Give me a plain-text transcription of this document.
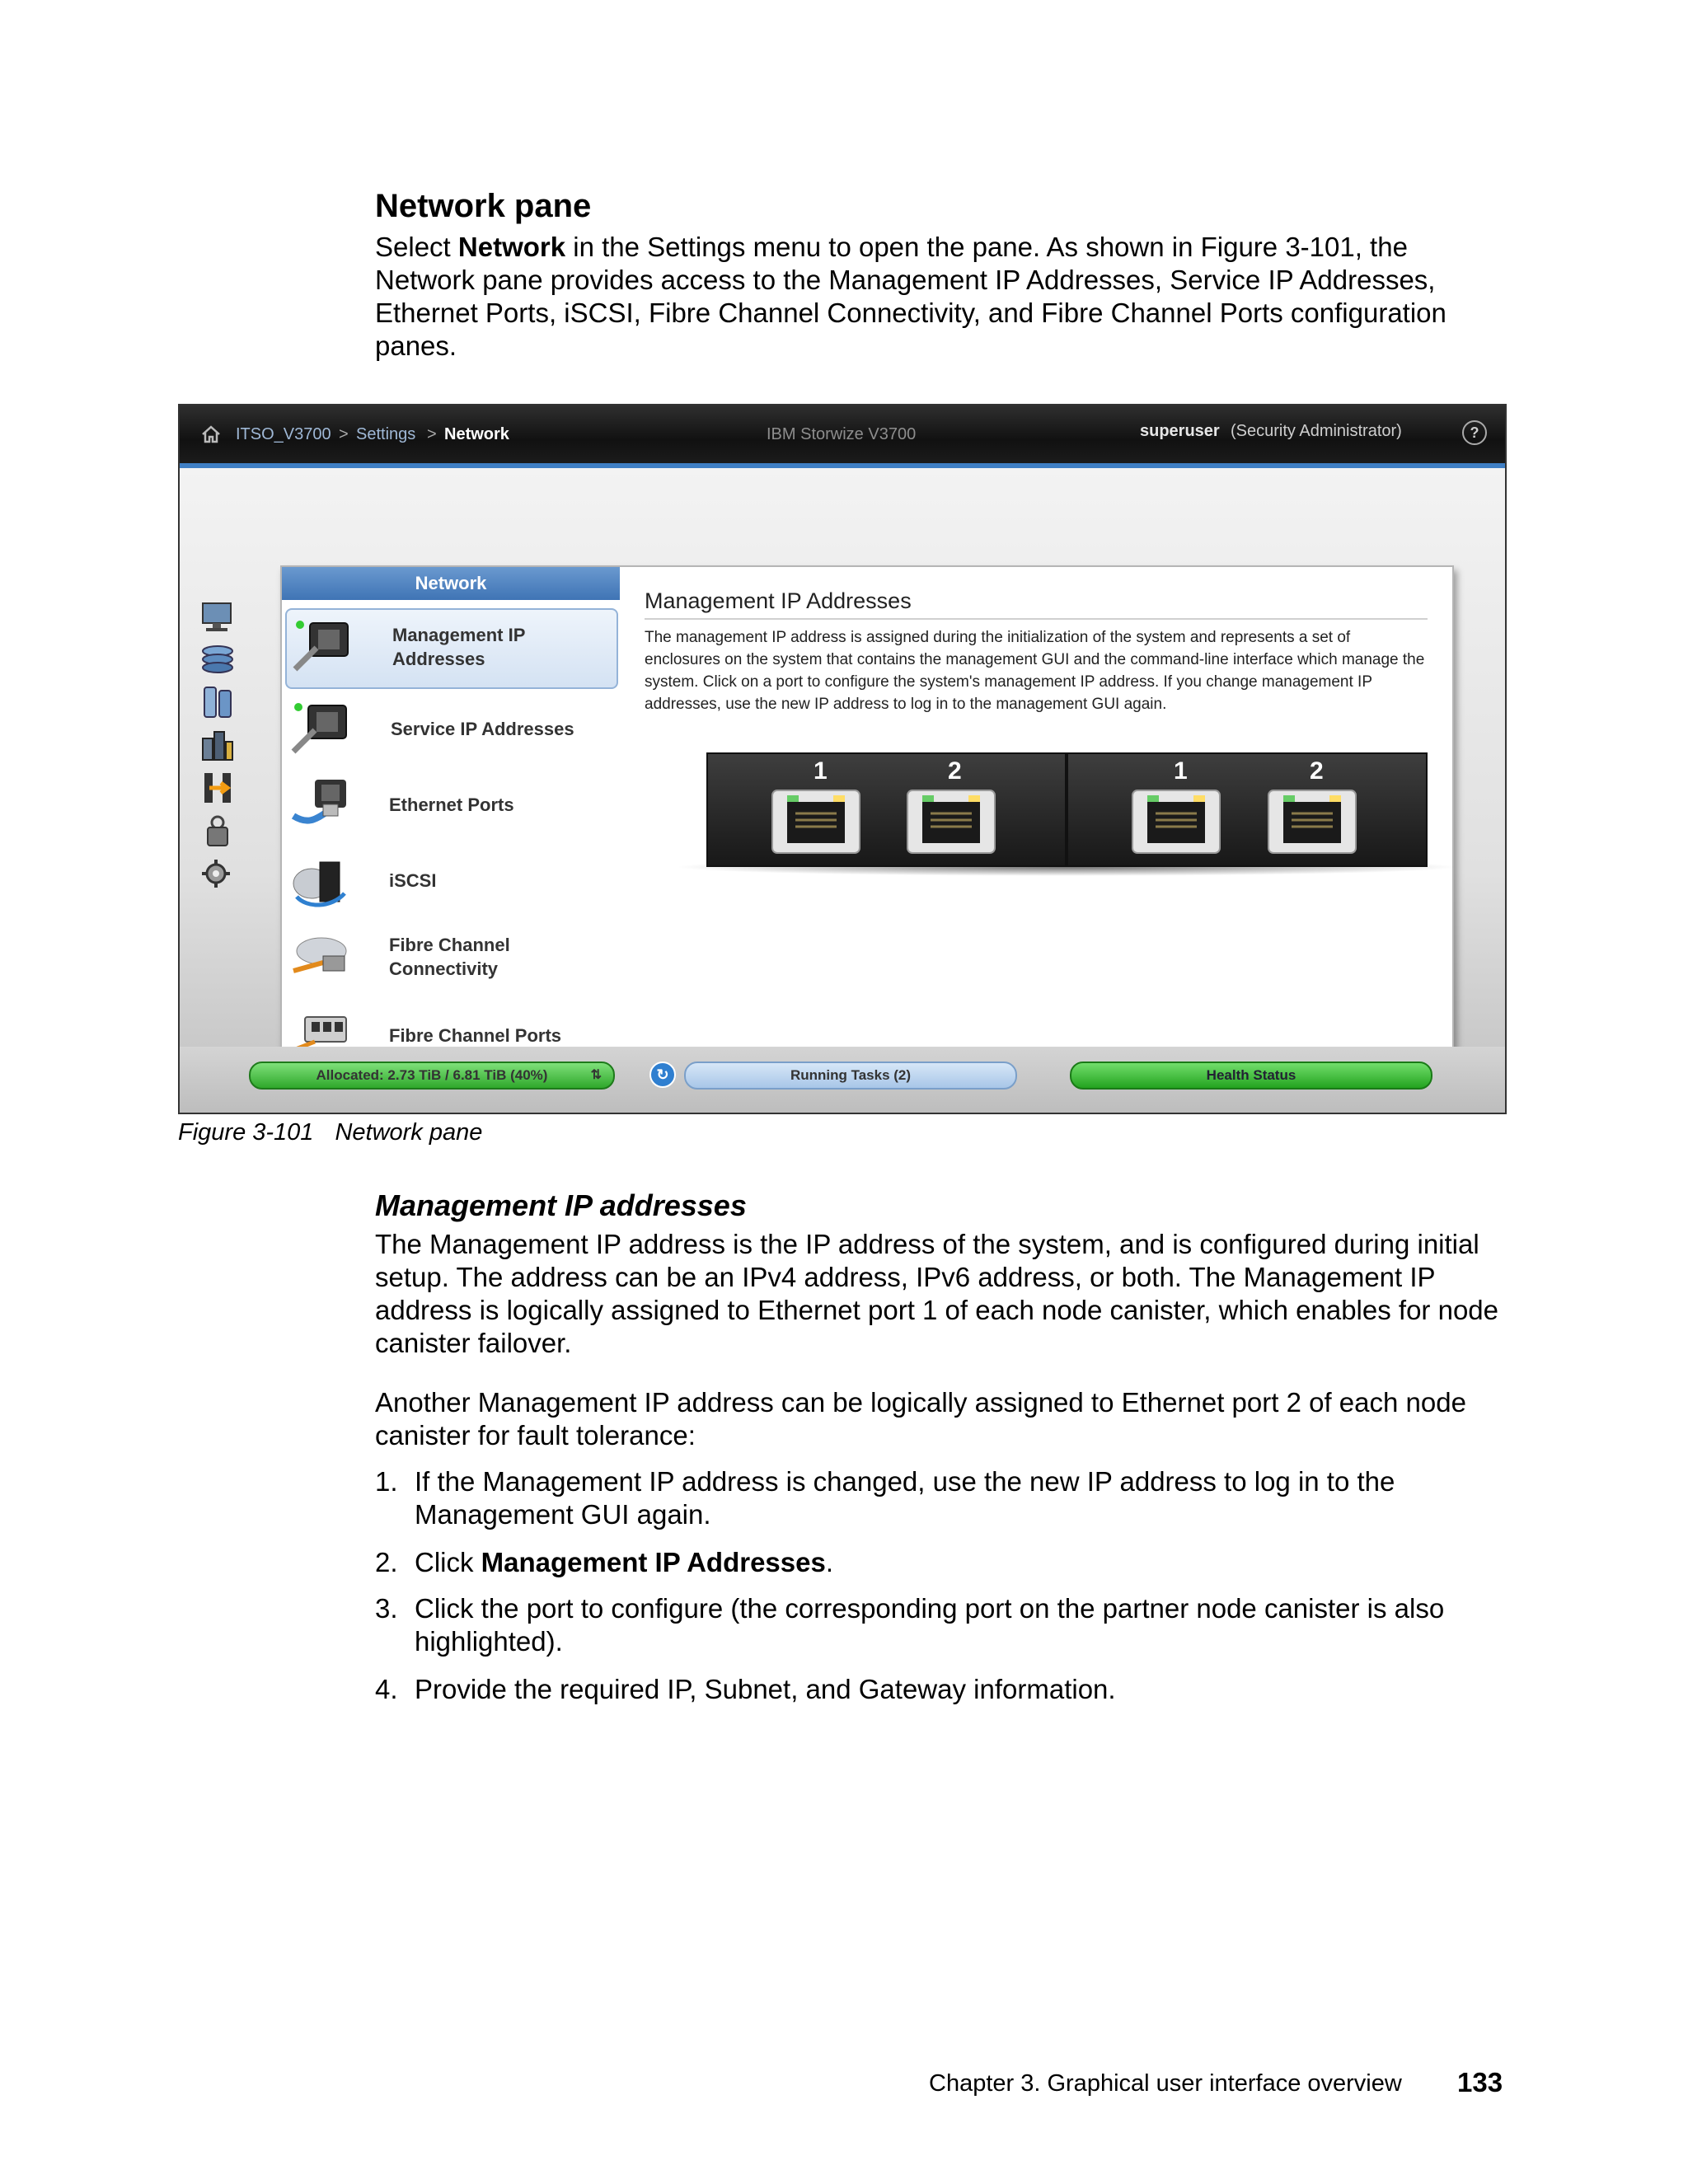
Network pane
Select Network in the Settings menu to open the pane. As shown in Figure 3-101, the Network pane provides access to the Management IP Addresses, Service IP Addresses, Ethernet Ports, iSCSI, Fibre Channel Connectivity, and Fibre Channel Ports configuration panes.
ITSO_V3700 > Settings > Network	IBM Storwize V3700	superuser (Security Administrator)	?
Network
Management IP
Addresses
Service IP Addresses
Ethernet Ports
iSCSI
Fibre Channel
Connectivity
Fibre Channel Ports
Management IP Addresses
The management IP address is assigned during the initialization of the system and represents a set of enclosures on the system that contains the management GUI and the command-line interface which manage the system. Click on a port to configure the system's management IP address. If you change management IP addresses, use the new IP address to log in to the management GUI again.
1	2	1	2
Allocated: 2.73 TiB / 6.81 TiB (40%)	⇅	↻	Running Tasks (2)	Health Status
Figure 3-101 Network pane
Management IP addresses
The Management IP address is the IP address of the system, and is configured during initial setup. The address can be an IPv4 address, IPv6 address, or both. The Management IP address is logically assigned to Ethernet port 1 of each node canister, which enables for node canister failover.
Another Management IP address can be logically assigned to Ethernet port 2 of each node canister for fault tolerance:
1. If the Management IP address is changed, use the new IP address to log in to the Management GUI again.
2. Click Management IP Addresses.
3. Click the port to configure (the corresponding port on the partner node canister is also highlighted).
4. Provide the required IP, Subnet, and Gateway information.
Chapter 3. Graphical user interface overview 133
